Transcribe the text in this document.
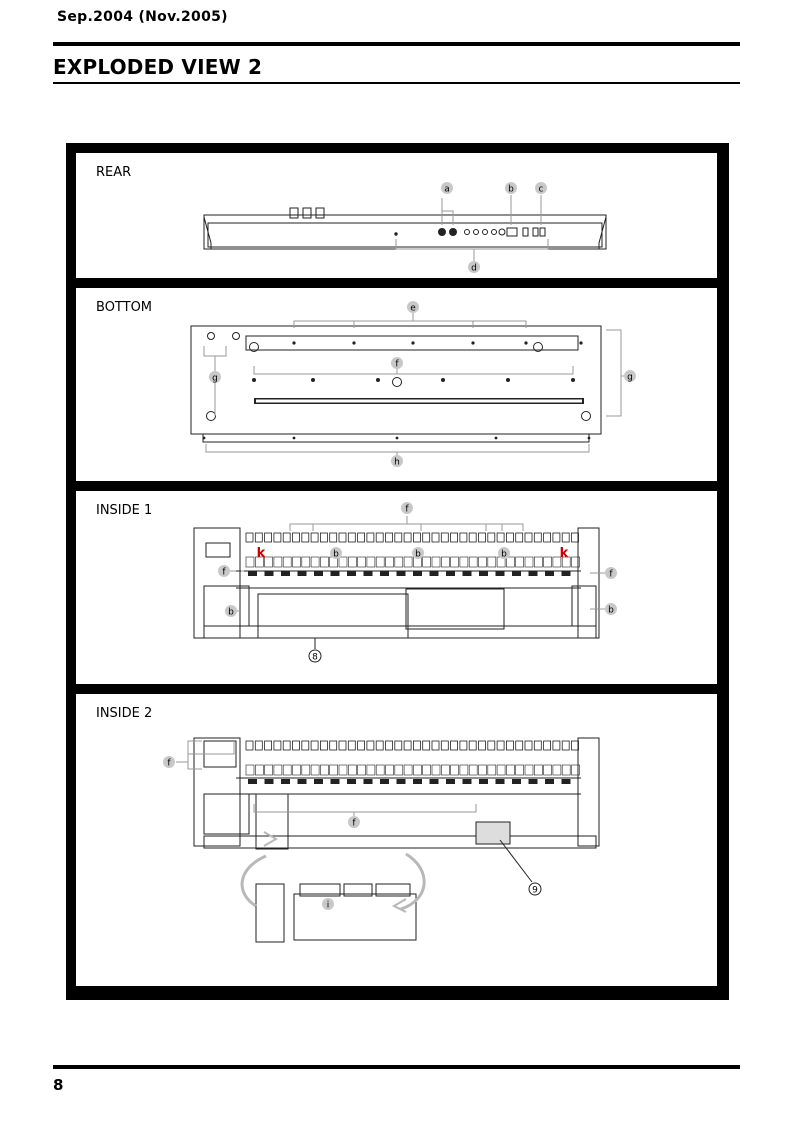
Sep.2004 (Nov.2005)
EXPLODED VIEW 2
REAR
a	b	c
d
BOTTOM	e
f
g	g
h
INSIDE 1	f
f	f
b	b	b
b	b
k	k
8
INSIDE 2
f
f
i
9
8
